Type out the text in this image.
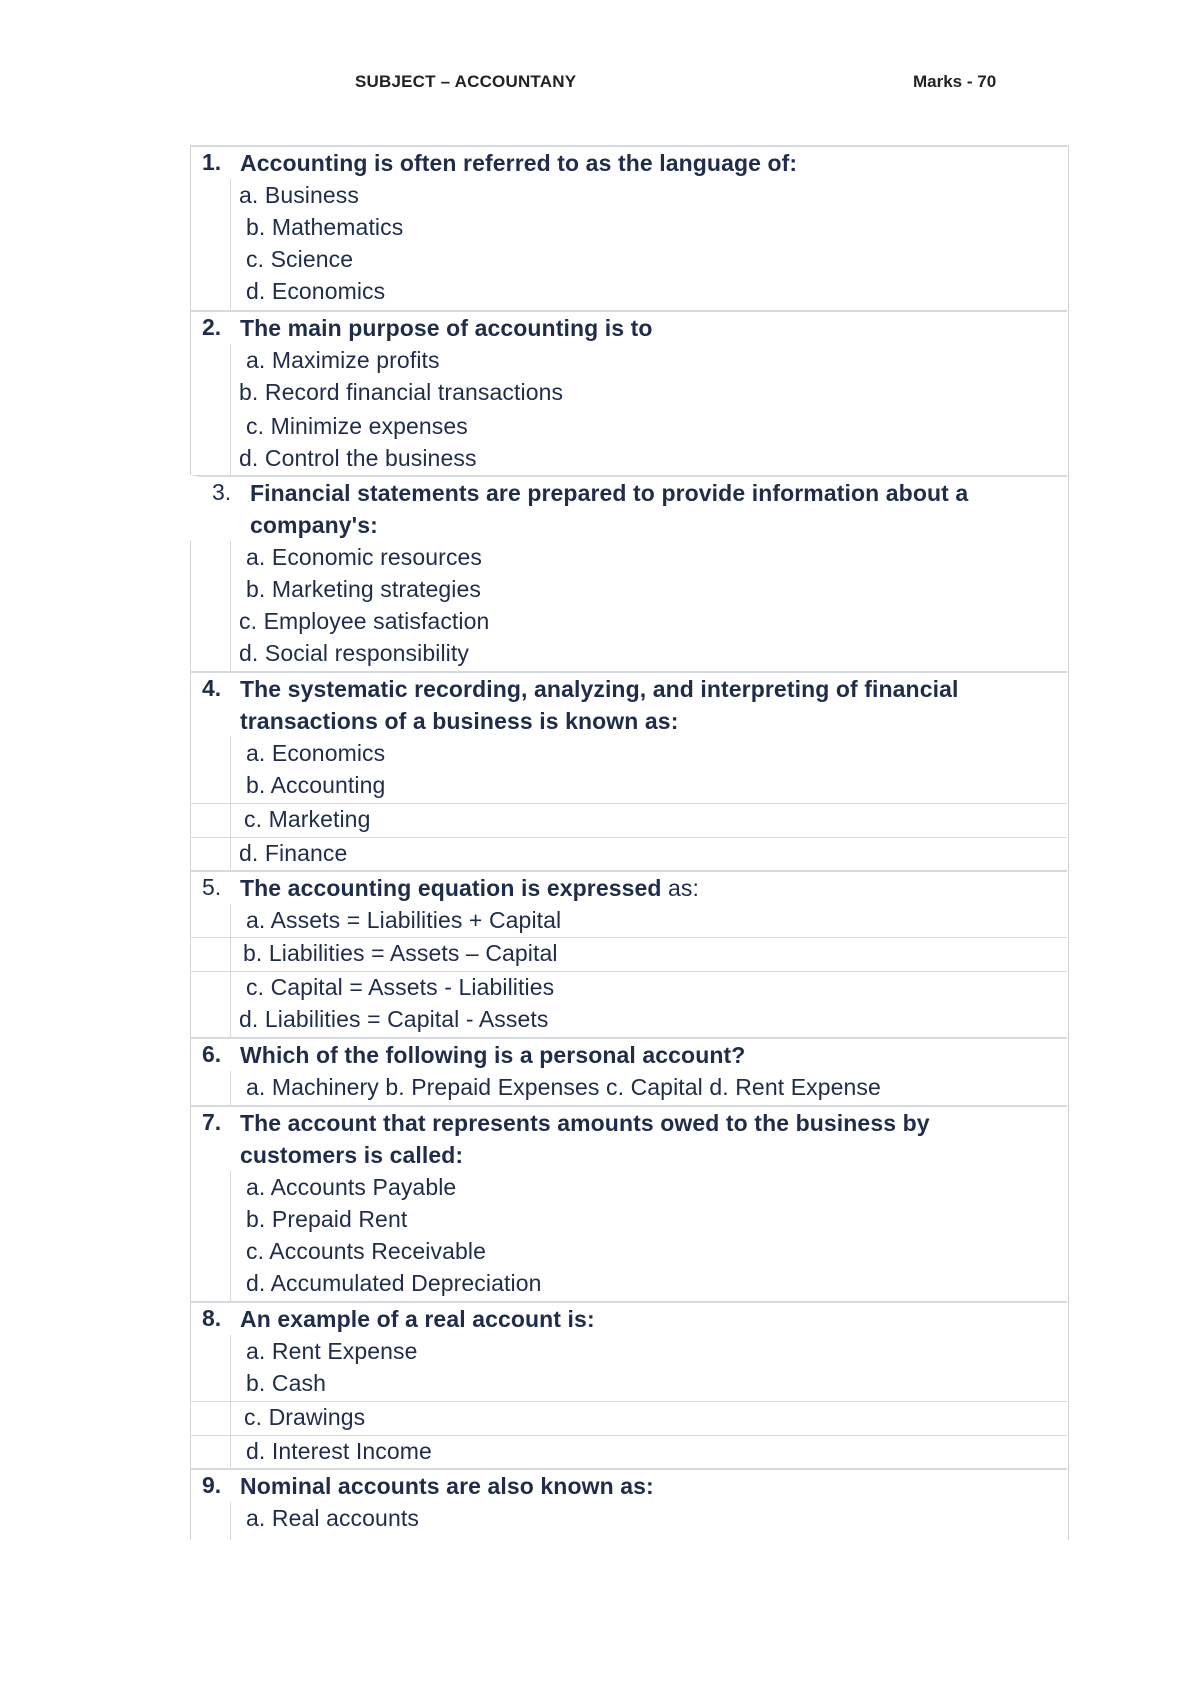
SUBJECT – ACCOUNTANY	Marks - 70
1. Accounting is often referred to as the language of:
a. Business
b. Mathematics
c. Science
d. Economics
2. The main purpose of accounting is to
a. Maximize profits
b. Record financial transactions
c. Minimize expenses
d. Control the business
3. Financial statements are prepared to provide information about a company's:
a. Economic resources
b. Marketing strategies
c. Employee satisfaction
d. Social responsibility
4. The systematic recording, analyzing, and interpreting of financial transactions of a business is known as:
a. Economics
b. Accounting
c. Marketing
d. Finance
5. The accounting equation is expressed as:
a. Assets = Liabilities + Capital
b. Liabilities = Assets – Capital
c. Capital = Assets - Liabilities
d. Liabilities = Capital - Assets
6. Which of the following is a personal account?
a. Machinery b. Prepaid Expenses c. Capital d. Rent Expense
7. The account that represents amounts owed to the business by customers is called:
a. Accounts Payable
b. Prepaid Rent
c. Accounts Receivable
d. Accumulated Depreciation
8. An example of a real account is:
a. Rent Expense
b. Cash
c. Drawings
d. Interest Income
9. Nominal accounts are also known as:
a. Real accounts
